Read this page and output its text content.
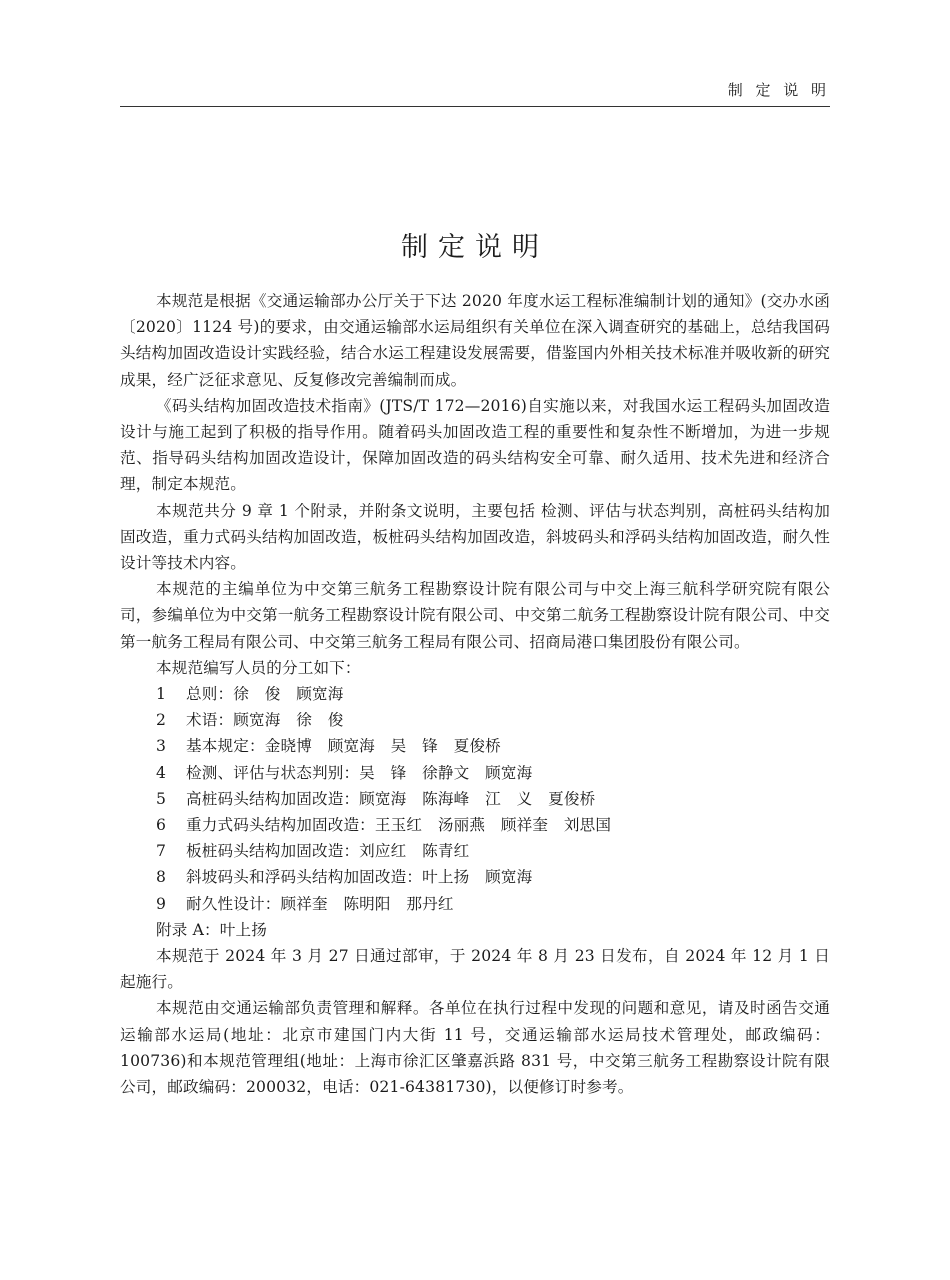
制 定 说 明
制定说明

本规范是根据《交通运输部办公厅关于下达 2020 年度水运工程标准编制计划的通知》(交办水函〔2020〕1124 号)的要求，由交通运输部水运局组织有关单位在深入调查研究的基础上，总结我国码头结构加固改造设计实践经验，结合水运工程建设发展需要，借鉴国内外相关技术标准并吸收新的研究成果，经广泛征求意见、反复修改完善编制而成。

《码头结构加固改造技术指南》(JTS/T 172—2016)自实施以来，对我国水运工程码头加固改造设计与施工起到了积极的指导作用。随着码头加固改造工程的重要性和复杂性不断增加，为进一步规范、指导码头结构加固改造设计，保障加固改造的码头结构安全可靠、耐久适用、技术先进和经济合理，制定本规范。

本规范共分 9 章 1 个附录，并附条文说明，主要包括 检测、评估与状态判别，高桩码头结构加固改造，重力式码头结构加固改造，板桩码头结构加固改造，斜坡码头和浮码头结构加固改造，耐久性设计等技术内容。

本规范的主编单位为中交第三航务工程勘察设计院有限公司与中交上海三航科学研究院有限公司，参编单位为中交第一航务工程勘察设计院有限公司、中交第二航务工程勘察设计院有限公司、中交第一航务工程局有限公司、中交第三航务工程局有限公司、招商局港口集团股份有限公司。

本规范编写人员的分工如下：

1 总则：徐　俊　顾宽海
2 术语：顾宽海　徐　俊
3 基本规定：金晓博　顾宽海　吴　锋　夏俊桥
4 检测、评估与状态判别：吴　锋　徐静文　顾宽海
5 高桩码头结构加固改造：顾宽海　陈海峰　江　义　夏俊桥
6 重力式码头结构加固改造：王玉红　汤丽燕　顾祥奎　刘思国
7 板桩码头结构加固改造：刘应红　陈青红
8 斜坡码头和浮码头结构加固改造：叶上扬　顾宽海
9 耐久性设计：顾祥奎　陈明阳　那丹红
附录 A：叶上扬

本规范于 2024 年 3 月 27 日通过部审，于 2024 年 8 月 23 日发布，自 2024 年 12 月 1 日起施行。

本规范由交通运输部负责管理和解释。各单位在执行过程中发现的问题和意见，请及时函告交通运输部水运局(地址：北京市建国门内大街 11 号，交通运输部水运局技术管理处，邮政编码：100736)和本规范管理组(地址：上海市徐汇区肇嘉浜路 831 号，中交第三航务工程勘察设计院有限公司，邮政编码：200032，电话：021-64381730)，以便修订时参考。
